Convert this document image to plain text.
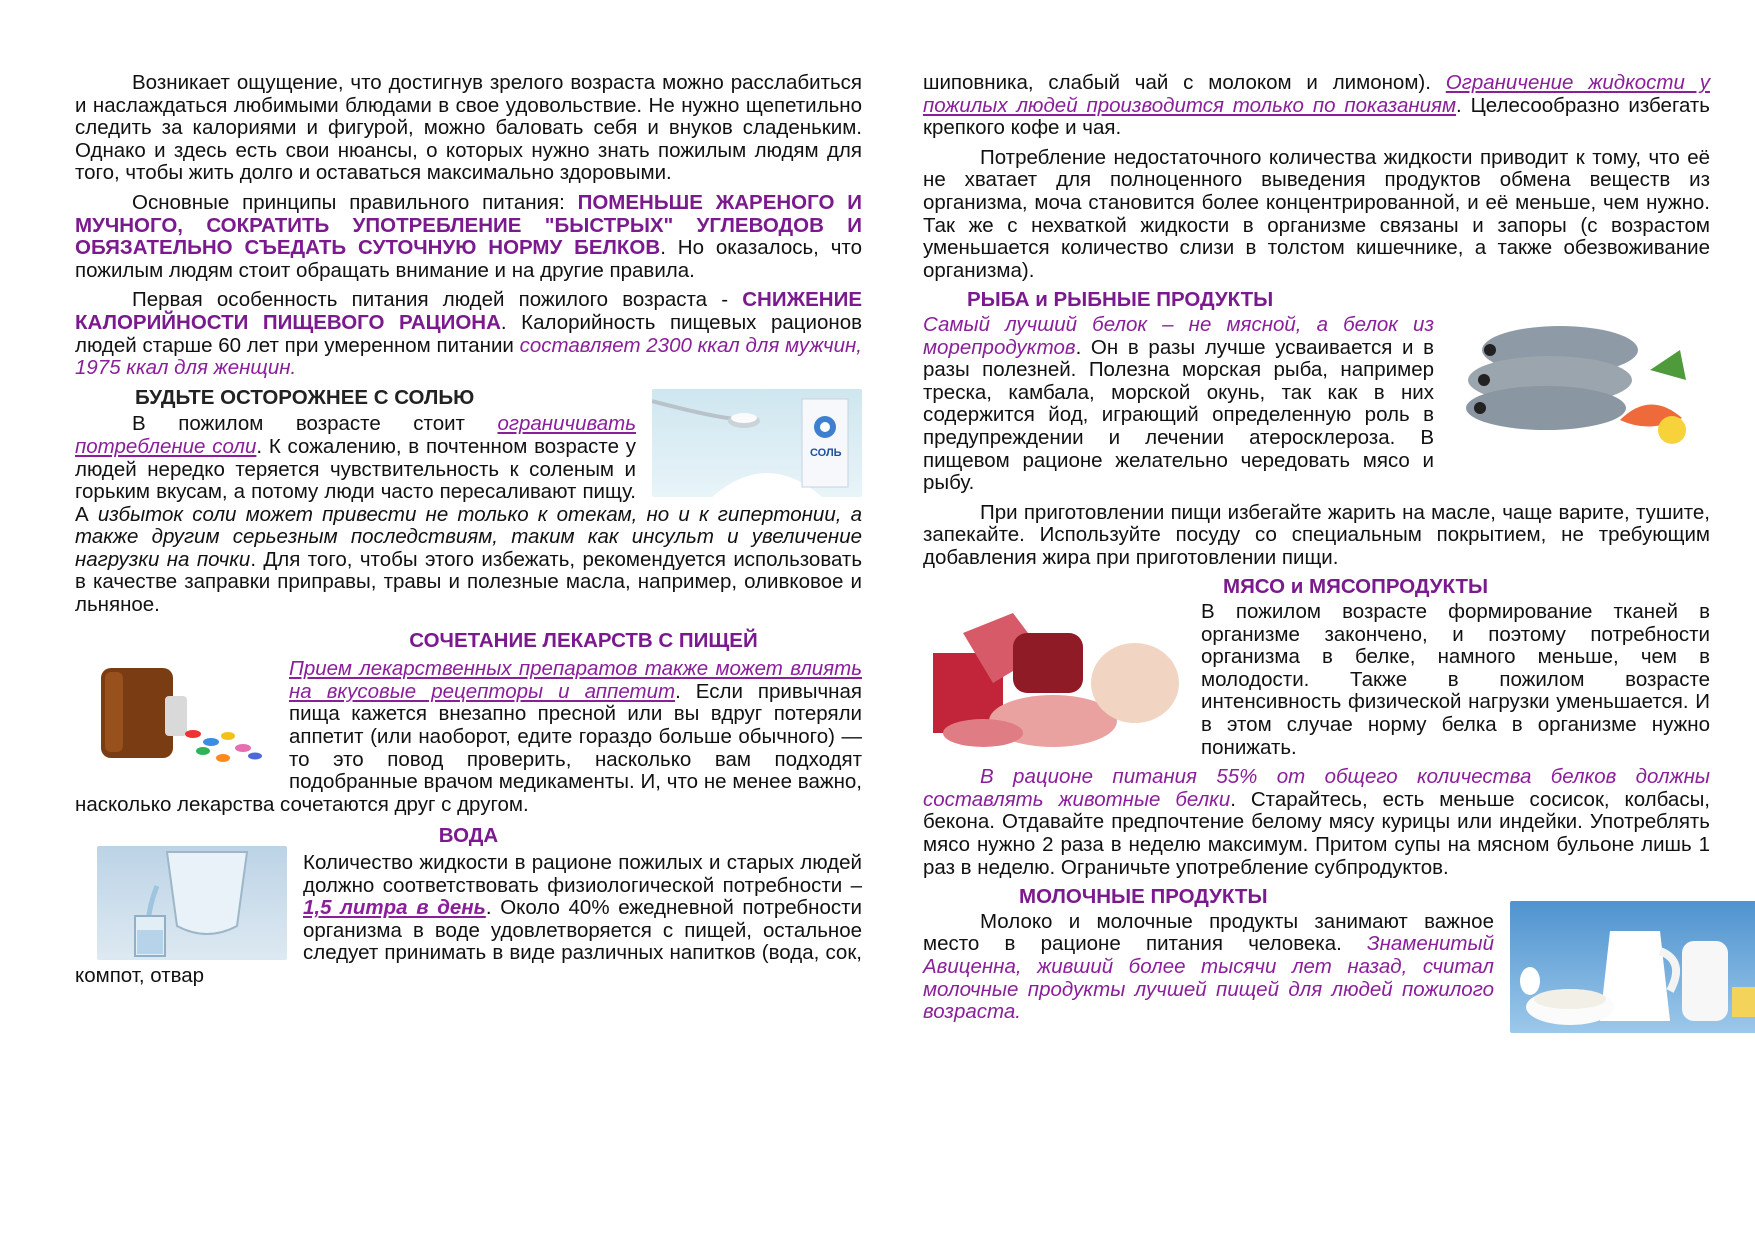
Возникает ощущение, что достигнув зрелого возраста можно расслабиться и наслаждаться любимыми блюдами в свое удовольствие. Не нужно щепетильно следить за калориями и фигурой, можно баловать себя и внуков сладеньким. Однако и здесь есть свои нюансы, о которых нужно знать пожилым людям для того, чтобы жить долго и оставаться максимально здоровыми.

Основные принципы правильного питания: ПОМЕНЬШЕ ЖАРЕНОГО И МУЧНОГО, СОКРАТИТЬ УПОТРЕБЛЕНИЕ "БЫСТРЫХ" УГЛЕВОДОВ И ОБЯЗАТЕЛЬНО СЪЕДАТЬ СУТОЧНУЮ НОРМУ БЕЛКОВ. Но оказалось, что пожилым людям стоит обращать внимание и на другие правила.

Первая особенность питания людей пожилого возраста - СНИЖЕНИЕ КАЛОРИЙНОСТИ ПИЩЕВОГО РАЦИОНА. Калорийность пищевых рационов людей старше 60 лет при умеренном питании составляет 2300 ккал для мужчин, 1975 ккал для женщин.

БУДЬТЕ ОСТОРОЖНЕЕ С СОЛЬЮ
СОЛЬ

В пожилом возрасте стоит ограничивать потребление соли. К сожалению, в почтенном возрасте у людей нередко теряется чувствительность к соленым и горьким вкусам, а потому люди часто пересаливают пищу. А избыток соли может привести не только к отекам, но и к гипертонии, а также другим серьезным последствиям, таким как инсульт и увеличение нагрузки на почки. Для того, чтобы этого избежать, рекомендуется использовать в качестве заправки приправы, травы и полезные масла, например, оливковое и льняное.

СОЧЕТАНИЕ ЛЕКАРСТВ С ПИЩЕЙ

Прием лекарственных препаратов также может влиять на вкусовые рецепторы и аппетит. Если привычная пища кажется внезапно пресной или вы вдруг потеряли аппетит (или наоборот, едите гораздо больше обычного) — то это повод проверить, насколько вам подходят подобранные врачом медикаменты. И, что не менее важно, насколько лекарства сочетаются друг с другом.

ВОДА

Количество жидкости в рационе пожилых и старых людей должно соответствовать физиологической потребности – 1,5 литра в день. Около 40% ежедневной потребности организма в воде удовлетворяется с пищей, остальное следует принимать в виде различных напитков (вода, сок, компот, отвар

шиповника, слабый чай с молоком и лимоном). Ограничение жидкости у пожилых людей производится только по показаниям. Целесообразно избегать крепкого кофе и чая.

Потребление недостаточного количества жидкости приводит к тому, что её не хватает для полноценного выведения продуктов обмена веществ из организма, моча становится более концентрированной, и её меньше, чем нужно. Так же с нехваткой жидкости в организме связаны и запоры (с возрастом уменьшается количество слизи в толстом кишечнике, а также обезвоживание организма).

РЫБА и РЫБНЫЕ ПРОДУКТЫ

Самый лучший белок – не мясной, а белок из морепродуктов. Он в разы лучше усваивается и в разы полезней. Полезна морская рыба, например треска, камбала, морской окунь, так как в них содержится йод, играющий определенную роль в предупреждении и лечении атеросклероза. В пищевом рационе желательно чередовать мясо и рыбу.

При приготовлении пищи избегайте жарить на масле, чаще варите, тушите, запекайте. Используйте посуду со специальным покрытием, не требующим добавления жира при приготовлении пищи.

МЯСО и МЯСОПРОДУКТЫ

В пожилом возрасте формирование тканей в организме закончено, и поэтому потребности организма в белке, намного меньше, чем в молодости. Также в пожилом возрасте интенсивность физической нагрузки уменьшается. И в этом случае норму белка в организме нужно понижать.

В рационе питания 55% от общего количества белков должны составлять животные белки. Старайтесь, есть меньше сосисок, колбасы, бекона. Отдавайте предпочтение белому мясу курицы или индейки. Употреблять мясо нужно 2 раза в неделю максимум. Притом супы на мясном бульоне лишь 1 раз в неделю. Ограничьте употребление субпродуктов.

МОЛОЧНЫЕ ПРОДУКТЫ

Молоко и молочные продукты занимают важное место в рационе питания человека. Знаменитый Авиценна, живший более тысячи лет назад, считал молочные продукты лучшей пищей для людей пожилого возраста.
